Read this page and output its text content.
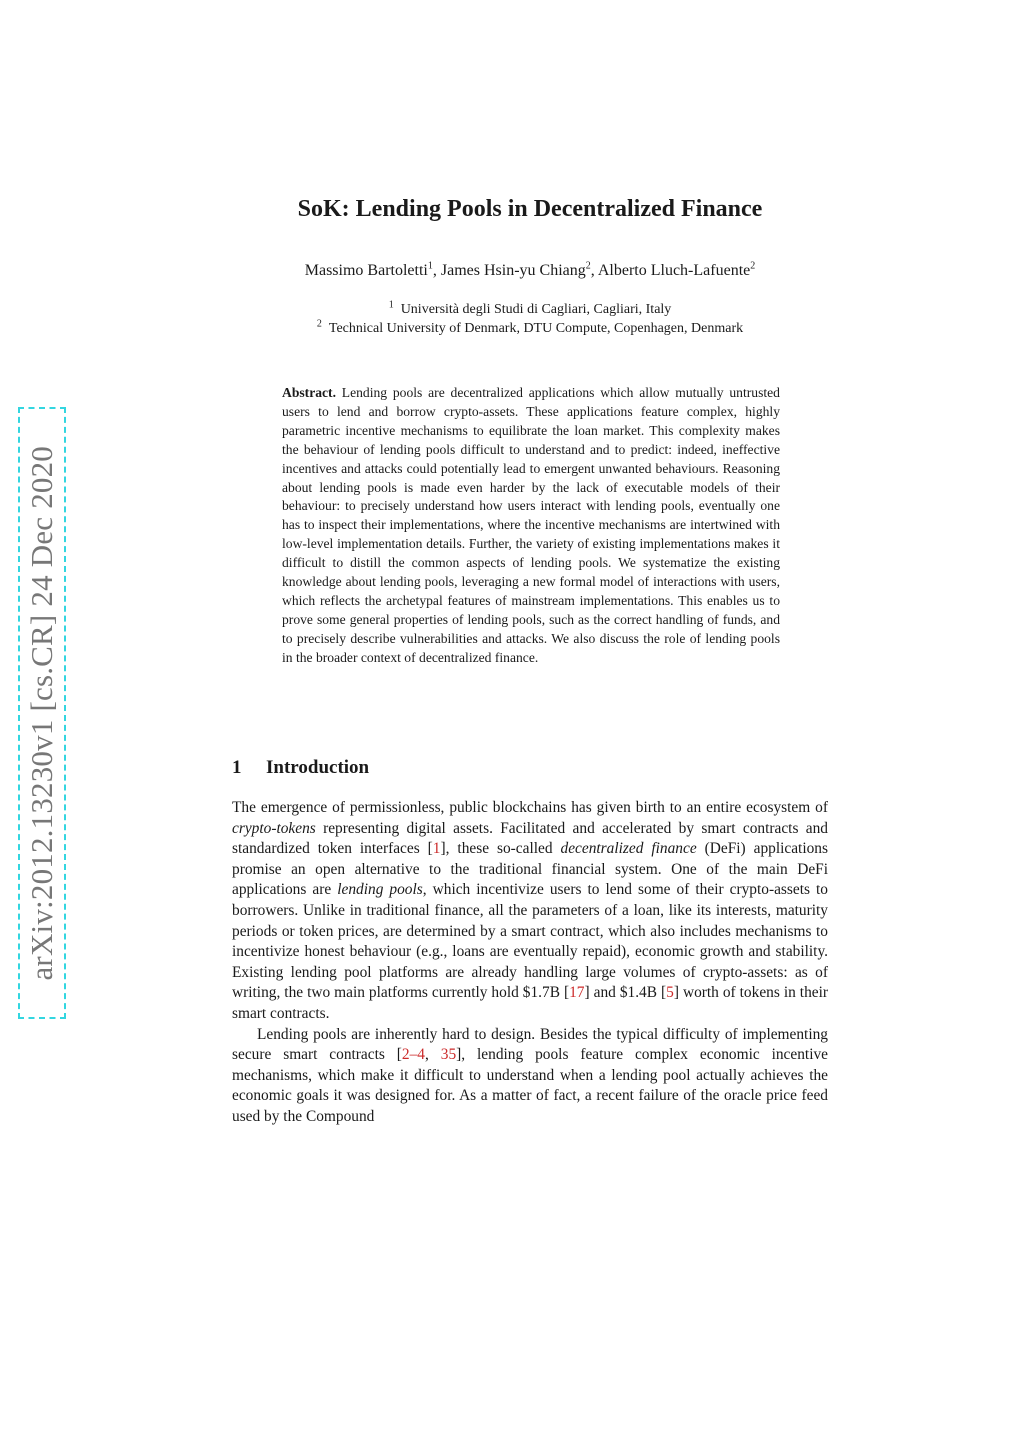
arXiv:2012.13230v1 [cs.CR] 24 Dec 2020
SoK: Lending Pools in Decentralized Finance
Massimo Bartoletti$^1$, James Hsin-yu Chiang$^2$, Alberto Lluch-Lafuente$^2$
$^1$ Università degli Studi di Cagliari, Cagliari, Italy
$^2$ Technical University of Denmark, DTU Compute, Copenhagen, Denmark
Abstract. Lending pools are decentralized applications which allow mutually untrusted users to lend and borrow crypto-assets. These applications feature complex, highly parametric incentive mechanisms to equilibrate the loan market. This complexity makes the behaviour of lending pools difficult to understand and to predict: indeed, ineffective incentives and attacks could potentially lead to emergent unwanted behaviours. Reasoning about lending pools is made even harder by the lack of executable models of their behaviour: to precisely understand how users interact with lending pools, eventually one has to inspect their implementations, where the incentive mechanisms are intertwined with low-level implementation details. Further, the variety of existing implementations makes it difficult to distill the common aspects of lending pools. We systematize the existing knowledge about lending pools, leveraging a new formal model of interactions with users, which reflects the archetypal features of mainstream implementations. This enables us to prove some general properties of lending pools, such as the correct handling of funds, and to precisely describe vulnerabilities and attacks. We also discuss the role of lending pools in the broader context of decentralized finance.
1 Introduction

The emergence of permissionless, public blockchains has given birth to an entire ecosystem of crypto-tokens representing digital assets. Facilitated and accelerated by smart contracts and standardized token interfaces [1], these so-called decentralized finance (DeFi) applications promise an open alternative to the traditional financial system. One of the main DeFi applications are lending pools, which incentivize users to lend some of their crypto-assets to borrowers. Unlike in traditional finance, all the parameters of a loan, like its interests, maturity periods or token prices, are determined by a smart contract, which also includes mechanisms to incentivize honest behaviour (e.g., loans are eventually repaid), economic growth and stability. Existing lending pool platforms are already handling large volumes of crypto-assets: as of writing, the two main platforms currently hold $1.7B [17] and $1.4B [5] worth of tokens in their smart contracts.

Lending pools are inherently hard to design. Besides the typical difficulty of implementing secure smart contracts [2–4, 35], lending pools feature complex economic incentive mechanisms, which make it difficult to understand when a lending pool actually achieves the economic goals it was designed for. As a matter of fact, a recent failure of the oracle price feed used by the Compound
